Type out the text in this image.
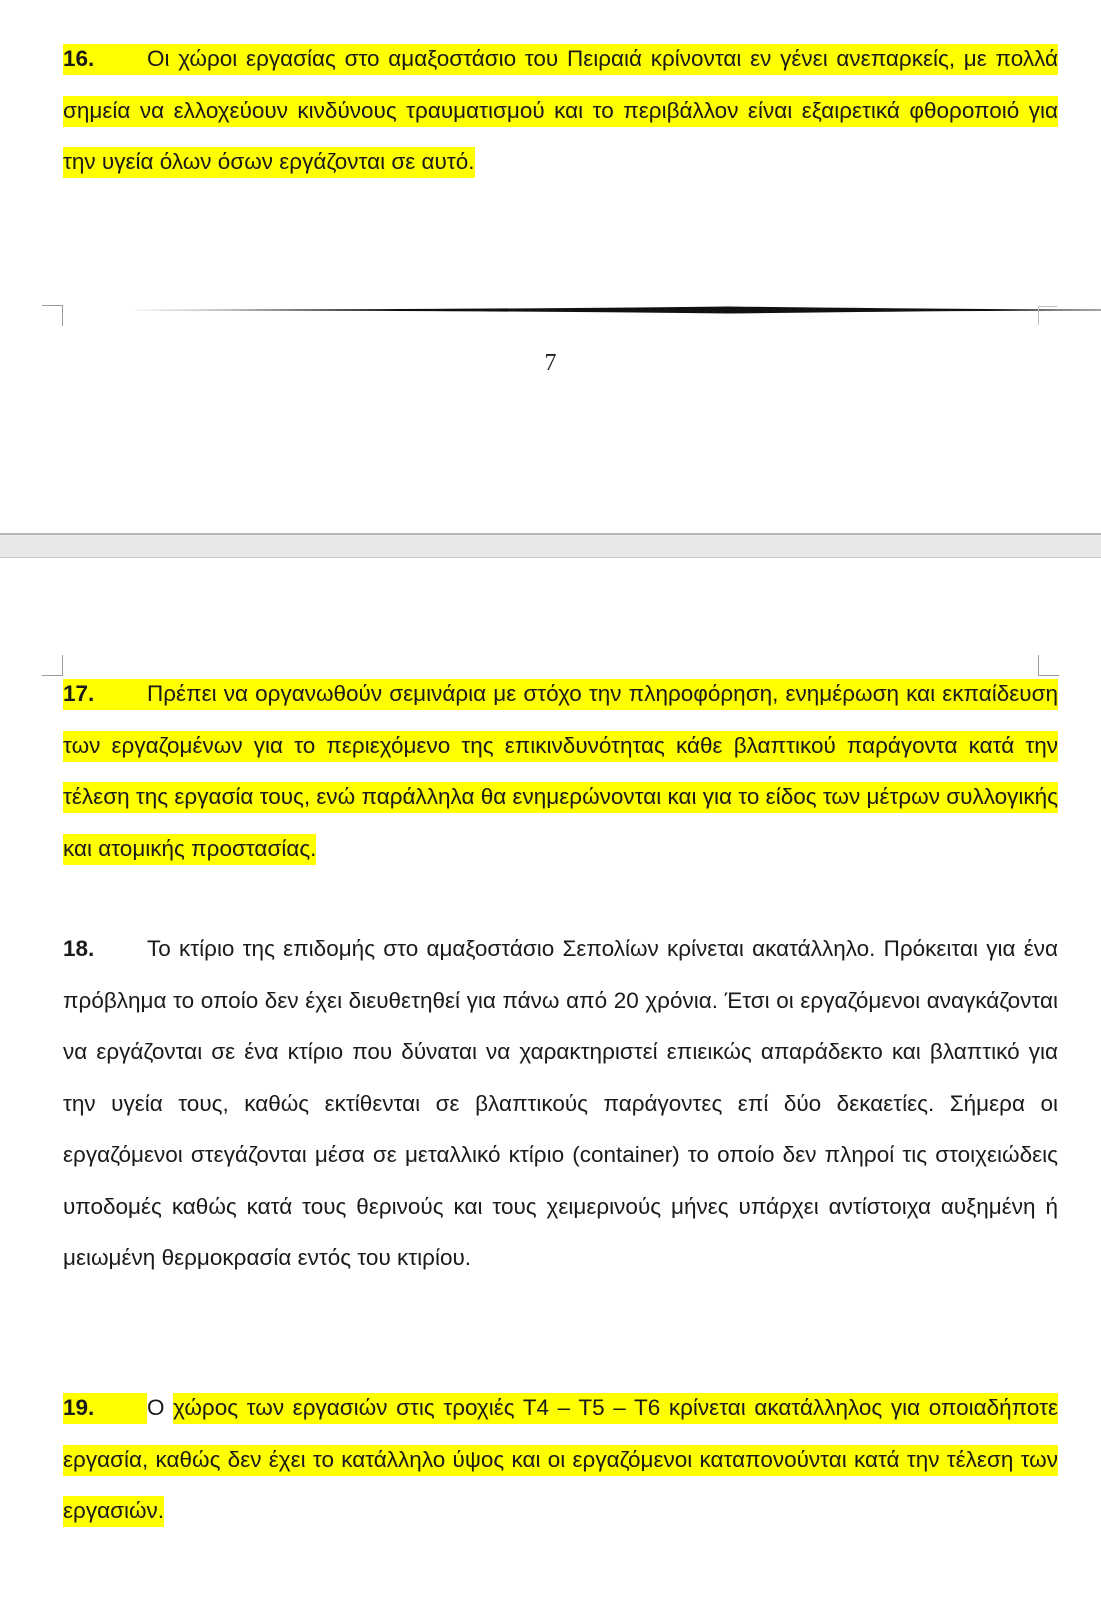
16. Οι χώροι εργασίας στο αμαξοστάσιο του Πειραιά κρίνονται εν γένει ανεπαρκείς, με πολλά σημεία να ελλοχεύουν κινδύνους τραυματισμού και το περιβάλλον είναι εξαιρετικά φθοροποιό για την υγεία όλων όσων εργάζονται σε αυτό.

7

17. Πρέπει να οργανωθούν σεμινάρια με στόχο την πληροφόρηση, ενημέρωση και εκπαίδευση των εργαζομένων για το περιεχόμενο της επικινδυνότητας κάθε βλαπτικού παράγοντα κατά την τέλεση της εργασία τους, ενώ παράλληλα θα ενημερώνονται και για το είδος των μέτρων συλλογικής και ατομικής προστασίας.

18. Το κτίριο της επιδομής στο αμαξοστάσιο Σεπολίων κρίνεται ακατάλληλο. Πρόκειται για ένα πρόβλημα το οποίο δεν έχει διευθετηθεί για πάνω από 20 χρόνια. Έτσι οι εργαζόμενοι αναγκάζονται να εργάζονται σε ένα κτίριο που δύναται να χαρακτηριστεί επιεικώς απαράδεκτο και βλαπτικό για την υγεία τους, καθώς εκτίθενται σε βλαπτικούς παράγοντες επί δύο δεκαετίες. Σήμερα οι εργαζόμενοι στεγάζονται μέσα σε μεταλλικό κτίριο (container) το οποίο δεν πληροί τις στοιχειώδεις υποδομές καθώς κατά τους θερινούς και τους χειμερινούς μήνες υπάρχει αντίστοιχα αυξημένη ή μειωμένη θερμοκρασία εντός του κτιρίου.

19. Ο χώρος των εργασιών στις τροχιές Τ4 – Τ5 – Τ6 κρίνεται ακατάλληλος για οποιαδήποτε εργασία, καθώς δεν έχει το κατάλληλο ύψος και οι εργαζόμενοι καταπονούνται κατά την τέλεση των εργασιών.
